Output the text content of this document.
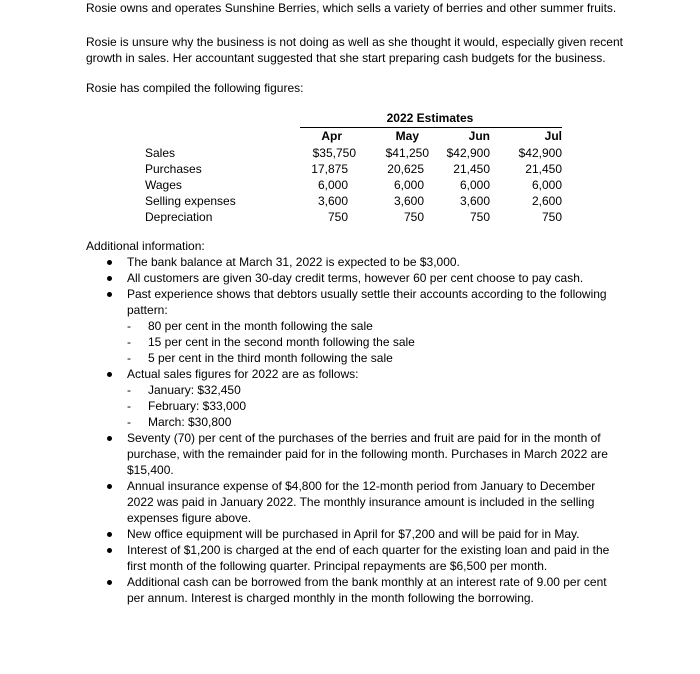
Rosie owns and operates Sunshine Berries, which sells a variety of berries and other summer fruits.
Rosie is unsure why the business is not doing as well as she thought it would, especially given recent growth in sales. Her accountant suggested that she start preparing cash budgets for the business.
Rosie has compiled the following figures:
2022 Estimates
Apr	May	Jun	Jul
Sales	$35,750	$41,250	$42,900	$42,900
Purchases	17,875	20,625	21,450	21,450
Wages	6,000	6,000	6,000	6,000
Selling expenses	3,600	3,600	3,600	2,600
Depreciation	750	750	750	750
Additional information:
The bank balance at March 31, 2022 is expected to be $3,000.
All customers are given 30-day credit terms, however 60 per cent choose to pay cash.
Past experience shows that debtors usually settle their accounts according to the following pattern:
- 80 per cent in the month following the sale
- 15 per cent in the second month following the sale
- 5 per cent in the third month following the sale
Actual sales figures for 2022 are as follows:
- January: $32,450
- February: $33,000
- March: $30,800
Seventy (70) per cent of the purchases of the berries and fruit are paid for in the month of purchase, with the remainder paid for in the following month. Purchases in March 2022 are $15,400.
Annual insurance expense of $4,800 for the 12-month period from January to December 2022 was paid in January 2022. The monthly insurance amount is included in the selling expenses figure above.
New office equipment will be purchased in April for $7,200 and will be paid for in May.
Interest of $1,200 is charged at the end of each quarter for the existing loan and paid in the first month of the following quarter. Principal repayments are $6,500 per month.
Additional cash can be borrowed from the bank monthly at an interest rate of 9.00 per cent per annum. Interest is charged monthly in the month following the borrowing.
